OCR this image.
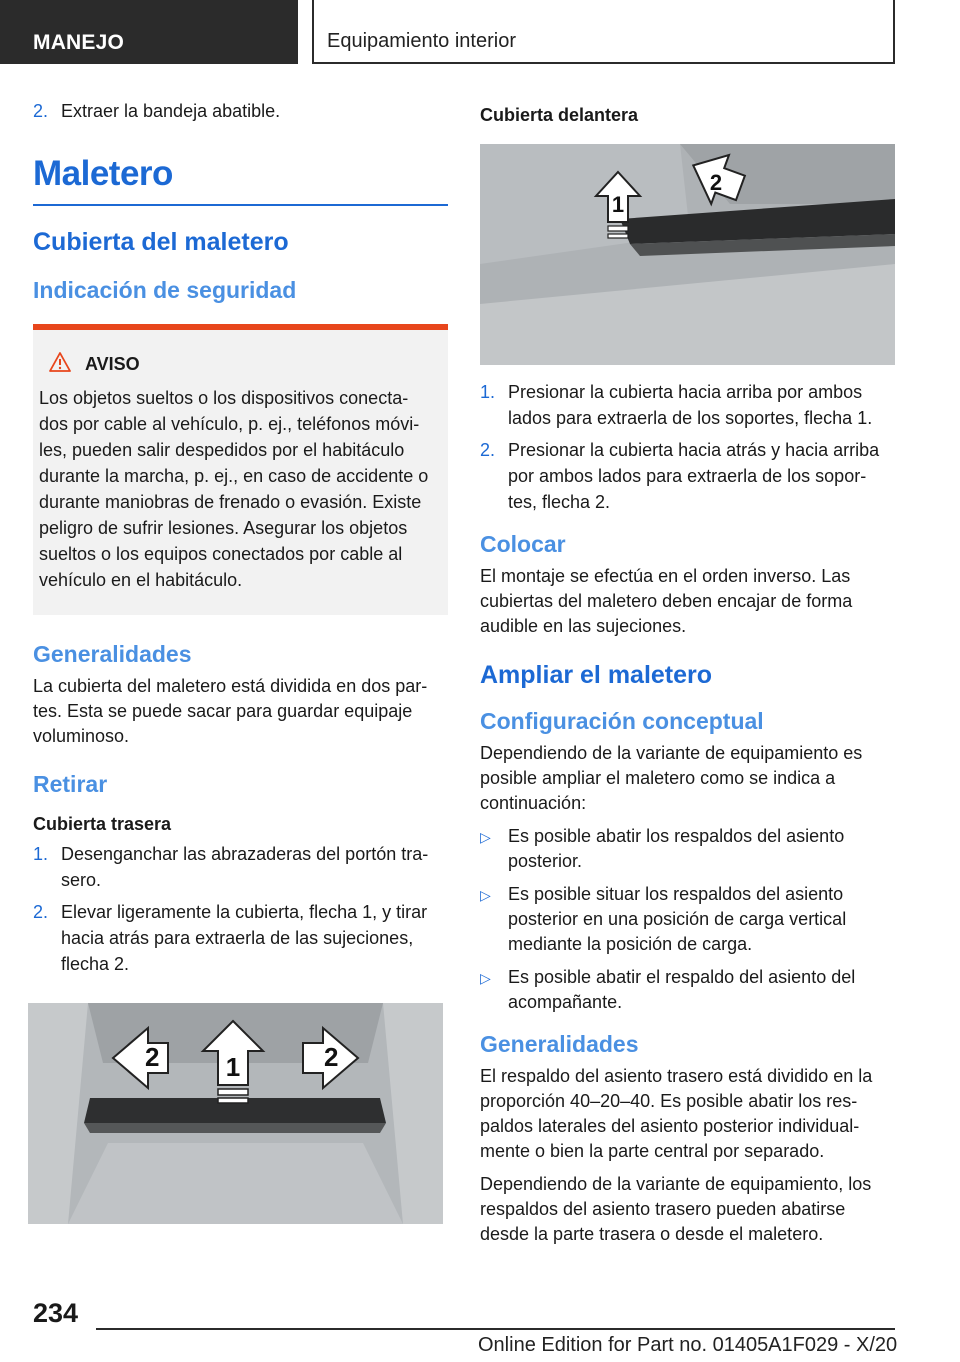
MANEJO	Equipamiento interior
2. Extraer la bandeja abatible.
Maletero
Cubierta del maletero
Indicación de seguridad
AVISO
Los objetos sueltos o los dispositivos conecta-dos por cable al vehículo, p. ej., teléfonos móvi-les, pueden salir despedidos por el habitáculo durante la marcha, p. ej., en caso de accidente o durante maniobras de frenado o evasión. Existe peligro de sufrir lesiones. Asegurar los objetos sueltos o los equipos conectados por cable al vehículo en el habitáculo.
Generalidades
La cubierta del maletero está dividida en dos par-tes. Esta se puede sacar para guardar equipaje voluminoso.
Retirar
Cubierta trasera
1. Desenganchar las abrazaderas del portón tra-sero.
2. Elevar ligeramente la cubierta, flecha 1, y tirar hacia atrás para extraerla de las sujeciones, flecha 2.
2	1	2
Cubierta delantera
1
2
1. Presionar la cubierta hacia arriba por ambos lados para extraerla de los soportes, flecha 1.
2. Presionar la cubierta hacia atrás y hacia arriba por ambos lados para extraerla de los sopor-tes, flecha 2.
Colocar
El montaje se efectúa en el orden inverso. Las cubiertas del maletero deben encajar de forma audible en las sujeciones.
Ampliar el maletero
Configuración conceptual
Dependiendo de la variante de equipamiento es posible ampliar el maletero como se indica a continuación:
▷ Es posible abatir los respaldos del asiento posterior.
▷ Es posible situar los respaldos del asiento posterior en una posición de carga vertical mediante la posición de carga.
▷ Es posible abatir el respaldo del asiento del acompañante.
Generalidades
El respaldo del asiento trasero está dividido en la proporción 40–20–40. Es posible abatir los res-paldos laterales del asiento posterior individual-mente o bien la parte central por separado.
Dependiendo de la variante de equipamiento, los respaldos del asiento trasero pueden abatirse desde la parte trasera o desde el maletero.
234
Online Edition for Part no. 01405A1F029 - X/20
